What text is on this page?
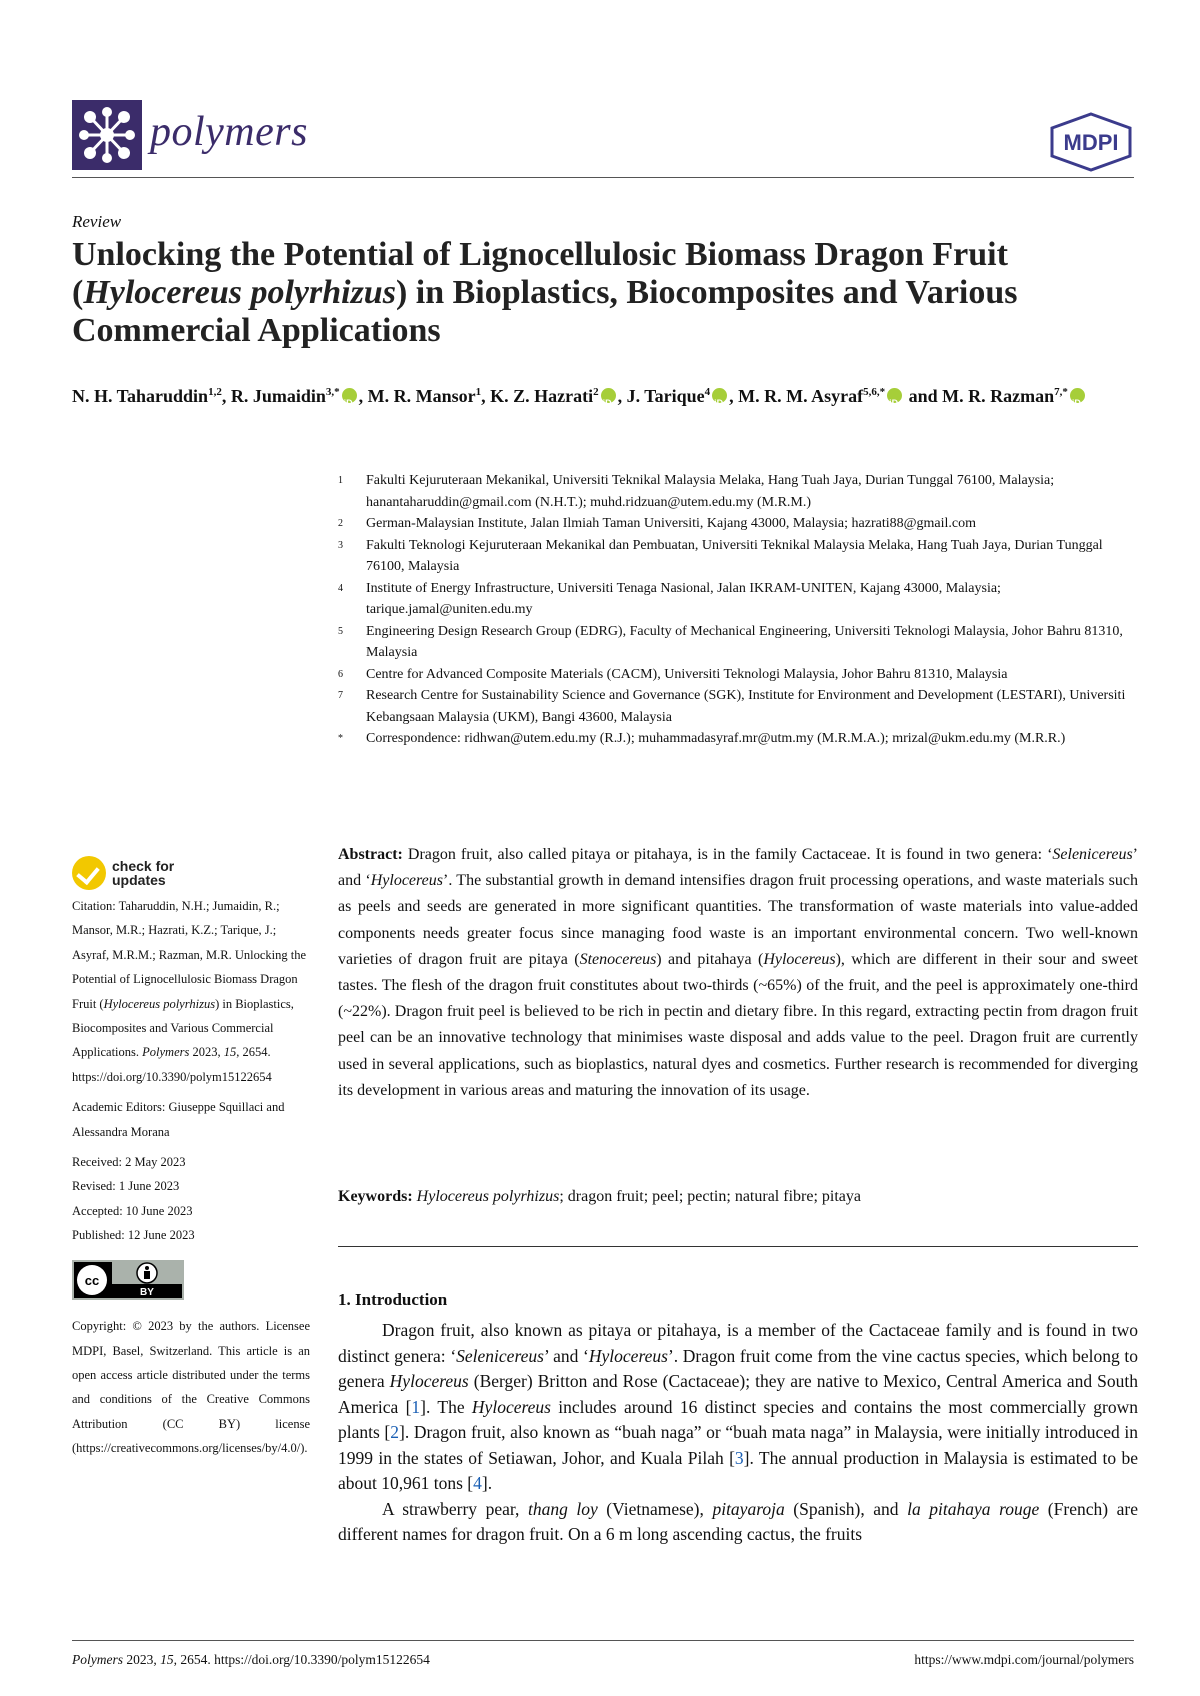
polymers	MDPI
Review
Unlocking the Potential of Lignocellulosic Biomass Dragon Fruit (Hylocereus polyrhizus) in Bioplastics, Biocomposites and Various Commercial Applications
N. H. Taharuddin$^{1,2}$, R. Jumaidin$^{3,*}$ iD , M. R. Mansor$^1$, K. Z. Hazrati$^2$ iD , J. Tarique$^4$ iD , M. R. M. Asyraf$^{5,6,*}$iD and M. R. Razman$^{7,*}$iD
1	Fakulti Kejuruteraan Mekanikal, Universiti Teknikal Malaysia Melaka, Hang Tuah Jaya, Durian Tunggal 76100, Malaysia; hanantaharuddin@gmail.com (N.H.T.); muhd.ridzuan@utem.edu.my (M.R.M.)
2	German-Malaysian Institute, Jalan Ilmiah Taman Universiti, Kajang 43000, Malaysia; hazrati88@gmail.com
3	Fakulti Teknologi Kejuruteraan Mekanikal dan Pembuatan, Universiti Teknikal Malaysia Melaka, Hang Tuah Jaya, Durian Tunggal 76100, Malaysia
4	Institute of Energy Infrastructure, Universiti Tenaga Nasional, Jalan IKRAM-UNITEN, Kajang 43000, Malaysia; tarique.jamal@uniten.edu.my
5	Engineering Design Research Group (EDRG), Faculty of Mechanical Engineering, Universiti Teknologi Malaysia, Johor Bahru 81310, Malaysia
6	Centre for Advanced Composite Materials (CACM), Universiti Teknologi Malaysia, Johor Bahru 81310, Malaysia
7	Research Centre for Sustainability Science and Governance (SGK), Institute for Environment and Development (LESTARI), Universiti Kebangsaan Malaysia (UKM), Bangi 43600, Malaysia
*	Correspondence: ridhwan@utem.edu.my (R.J.); muhammadasyraf.mr@utm.my (M.R.M.A.); mrizal@ukm.edu.my (M.R.R.)
check for
updates
Citation: Taharuddin, N.H.; Jumaidin, R.; Mansor, M.R.; Hazrati, K.Z.; Tarique, J.; Asyraf, M.R.M.; Razman, M.R. Unlocking the Potential of Lignocellulosic Biomass Dragon Fruit (Hylocereus polyrhizus) in Bioplastics, Biocomposites and Various Commercial Applications. Polymers 2023, 15, 2654. https://doi.org/10.3390/polym15122654
Academic Editors: Giuseppe Squillaci and Alessandra Morana
Received: 2 May 2023
Revised: 1 June 2023
Accepted: 10 June 2023
Published: 12 June 2023
cc
BY
Copyright: © 2023 by the authors. Licensee MDPI, Basel, Switzerland. This article is an open access article distributed under the terms and conditions of the Creative Commons Attribution (CC BY) license (https://creativecommons.org/licenses/by/4.0/).
Abstract: Dragon fruit, also called pitaya or pitahaya, is in the family Cactaceae. It is found in two genera: ‘Selenicereus’ and ‘Hylocereus’. The substantial growth in demand intensifies dragon fruit processing operations, and waste materials such as peels and seeds are generated in more significant quantities. The transformation of waste materials into value-added components needs greater focus since managing food waste is an important environmental concern. Two well-known varieties of dragon fruit are pitaya (Stenocereus) and pitahaya (Hylocereus), which are different in their sour and sweet tastes. The flesh of the dragon fruit constitutes about two-thirds (~65%) of the fruit, and the peel is approximately one-third (~22%). Dragon fruit peel is believed to be rich in pectin and dietary fibre. In this regard, extracting pectin from dragon fruit peel can be an innovative technology that minimises waste disposal and adds value to the peel. Dragon fruit are currently used in several applications, such as bioplastics, natural dyes and cosmetics. Further research is recommended for diverging its development in various areas and maturing the innovation of its usage.
Keywords: Hylocereus polyrhizus; dragon fruit; peel; pectin; natural fibre; pitaya
1. Introduction

Dragon fruit, also known as pitaya or pitahaya, is a member of the Cactaceae family and is found in two distinct genera: ‘Selenicereus’ and ‘Hylocereus’. Dragon fruit come from the vine cactus species, which belong to genera Hylocereus (Berger) Britton and Rose (Cactaceae); they are native to Mexico, Central America and South America [1]. The Hylocereus includes around 16 distinct species and contains the most commercially grown plants [2]. Dragon fruit, also known as “buah naga” or “buah mata naga” in Malaysia, were initially introduced in 1999 in the states of Setiawan, Johor, and Kuala Pilah [3]. The annual production in Malaysia is estimated to be about 10,961 tons [4].

A strawberry pear, thang loy (Vietnamese), pitayaroja (Spanish), and la pitahaya rouge (French) are different names for dragon fruit. On a 6 m long ascending cactus, the fruits

Polymers 2023, 15, 2654. https://doi.org/10.3390/polym15122654	https://www.mdpi.com/journal/polymers
